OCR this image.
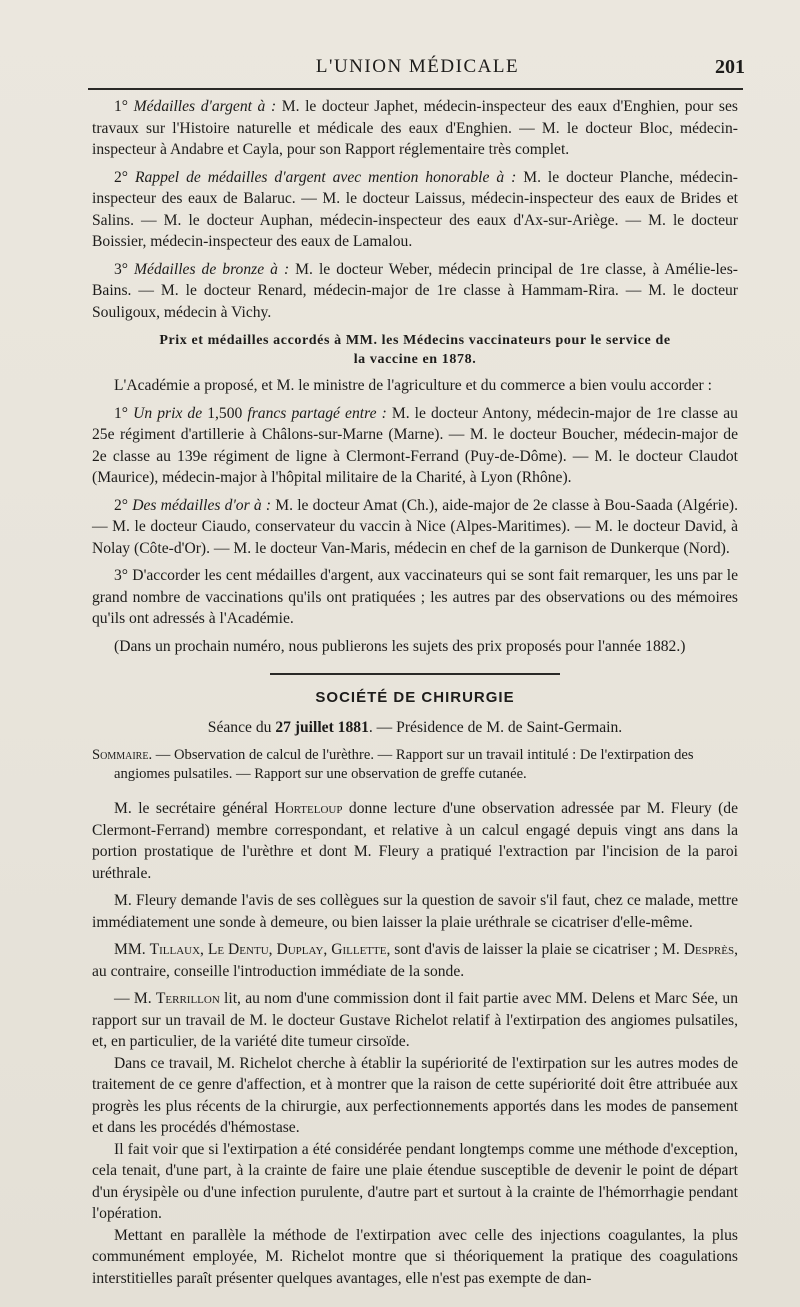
L'UNION MÉDICALE	201

1° Médailles d'argent à : M. le docteur Japhet, médecin-inspecteur des eaux d'Enghien, pour ses travaux sur l'Histoire naturelle et médicale des eaux d'Enghien. — M. le docteur Bloc, médecin-inspecteur à Andabre et Cayla, pour son Rapport réglementaire très complet.

2° Rappel de médailles d'argent avec mention honorable à : M. le docteur Planche, médecin-inspecteur des eaux de Balaruc. — M. le docteur Laissus, médecin-inspecteur des eaux de Brides et Salins. — M. le docteur Auphan, médecin-inspecteur des eaux d'Ax-sur-Ariège. — M. le docteur Boissier, médecin-inspecteur des eaux de Lamalou.

3° Médailles de bronze à : M. le docteur Weber, médecin principal de 1re classe, à Amélie-les-Bains. — M. le docteur Renard, médecin-major de 1re classe à Hammam-Rira. — M. le docteur Souligoux, médecin à Vichy.

Prix et médailles accordés à MM. les Médecins vaccinateurs pour le service de
la vaccine en 1878.

L'Académie a proposé, et M. le ministre de l'agriculture et du commerce a bien voulu accorder :

1° Un prix de 1,500 francs partagé entre : M. le docteur Antony, médecin-major de 1re classe au 25e régiment d'artillerie à Châlons-sur-Marne (Marne). — M. le docteur Boucher, médecin-major de 2e classe au 139e régiment de ligne à Clermont-Ferrand (Puy-de-Dôme). — M. le docteur Claudot (Maurice), médecin-major à l'hôpital militaire de la Charité, à Lyon (Rhône).

2° Des médailles d'or à : M. le docteur Amat (Ch.), aide-major de 2e classe à Bou-Saada (Algérie). — M. le docteur Ciaudo, conservateur du vaccin à Nice (Alpes-Maritimes). — M. le docteur David, à Nolay (Côte-d'Or). — M. le docteur Van-Maris, médecin en chef de la garnison de Dunkerque (Nord).

3° D'accorder les cent médailles d'argent, aux vaccinateurs qui se sont fait remarquer, les uns par le grand nombre de vaccinations qu'ils ont pratiquées ; les autres par des observations ou des mémoires qu'ils ont adressés à l'Académie.

(Dans un prochain numéro, nous publierons les sujets des prix proposés pour l'année 1882.)

SOCIÉTÉ DE CHIRURGIE

Séance du 27 juillet 1881. — Présidence de M. de Saint-Germain.

Sommaire. — Observation de calcul de l'urèthre. — Rapport sur un travail intitulé : De l'extirpation des angiomes pulsatiles. — Rapport sur une observation de greffe cutanée.

M. le secrétaire général Horteloup donne lecture d'une observation adressée par M. Fleury (de Clermont-Ferrand) membre correspondant, et relative à un calcul engagé depuis vingt ans dans la portion prostatique de l'urèthre et dont M. Fleury a pratiqué l'extraction par l'incision de la paroi uréthrale.

M. Fleury demande l'avis de ses collègues sur la question de savoir s'il faut, chez ce malade, mettre immédiatement une sonde à demeure, ou bien laisser la plaie uréthrale se cicatriser d'elle-même.

MM. Tillaux, Le Dentu, Duplay, Gillette, sont d'avis de laisser la plaie se cicatriser ; M. Desprès, au contraire, conseille l'introduction immédiate de la sonde.

— M. Terrillon lit, au nom d'une commission dont il fait partie avec MM. Delens et Marc Sée, un rapport sur un travail de M. le docteur Gustave Richelot relatif à l'extirpation des angiomes pulsatiles, et, en particulier, de la variété dite tumeur cirsoïde.

Dans ce travail, M. Richelot cherche à établir la supériorité de l'extirpation sur les autres modes de traitement de ce genre d'affection, et à montrer que la raison de cette supériorité doit être attribuée aux progrès les plus récents de la chirurgie, aux perfectionnements apportés dans les modes de pansement et dans les procédés d'hémostase.

Il fait voir que si l'extirpation a été considérée pendant longtemps comme une méthode d'exception, cela tenait, d'une part, à la crainte de faire une plaie étendue susceptible de devenir le point de départ d'un érysipèle ou d'une infection purulente, d'autre part et surtout à la crainte de l'hémorrhagie pendant l'opération.

Mettant en parallèle la méthode de l'extirpation avec celle des injections coagulantes, la plus communément employée, M. Richelot montre que si théoriquement la pratique des coagulations interstitielles paraît présenter quelques avantages, elle n'est pas exempte de dan-
